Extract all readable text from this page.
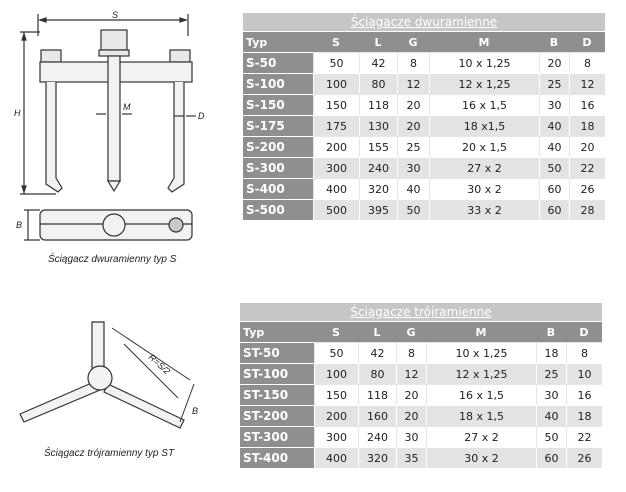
S
H
M
D
B
Ściągacz dwuramienny typ S
R=S/2
B
Ściągacz trójramienny typ ST
Ściągacze dwuramienne						
Typ	S	L	G	M	B	D
S-50	50	42	8	10 x 1,25	20	8
S-100	100	80	12	12 x 1,25	25	12
S-150	150	118	20	16 x 1,5	30	16
S-175	175	130	20	18 x1,5	40	18
S-200	200	155	25	20 x 1,5	40	20
S-300	300	240	30	27 x 2	50	22
S-400	400	320	40	30 x 2	60	26
S-500	500	395	50	33 x 2	60	28
Ściągacze trójramienne						
Typ	S	L	G	M	B	D
ST-50	50	42	8	10 x 1,25	18	8
ST-100	100	80	12	12 x 1,25	25	10
ST-150	150	118	20	16 x 1,5	30	16
ST-200	200	160	20	18 x 1,5	40	18
ST-300	300	240	30	27 x 2	50	22
ST-400	400	320	35	30 x 2	60	26
